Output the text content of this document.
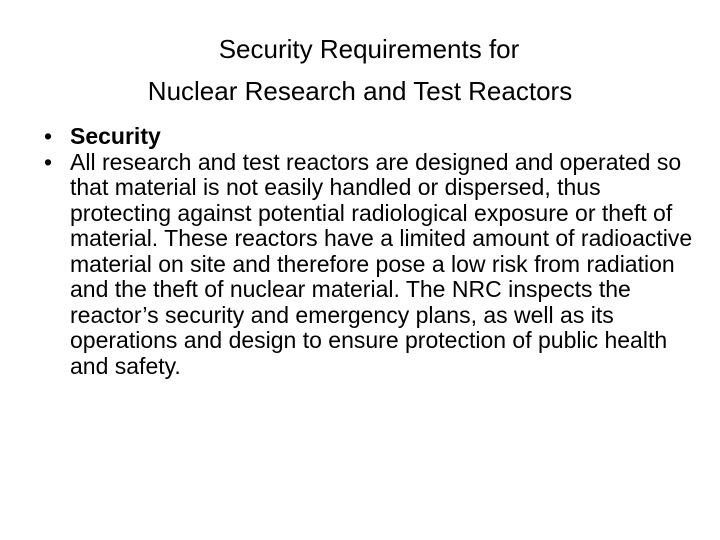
Security Requirements for
Nuclear Research and Test Reactors
• Security
• All research and test reactors are designed and operated so that material is not easily handled or dispersed, thus protecting against potential radiological exposure or theft of material. These reactors have a limited amount of radioactive material on site and therefore pose a low risk from radiation and the theft of nuclear material. The NRC inspects the reactor’s security and emergency plans, as well as its operations and design to ensure protection of public health and safety.
